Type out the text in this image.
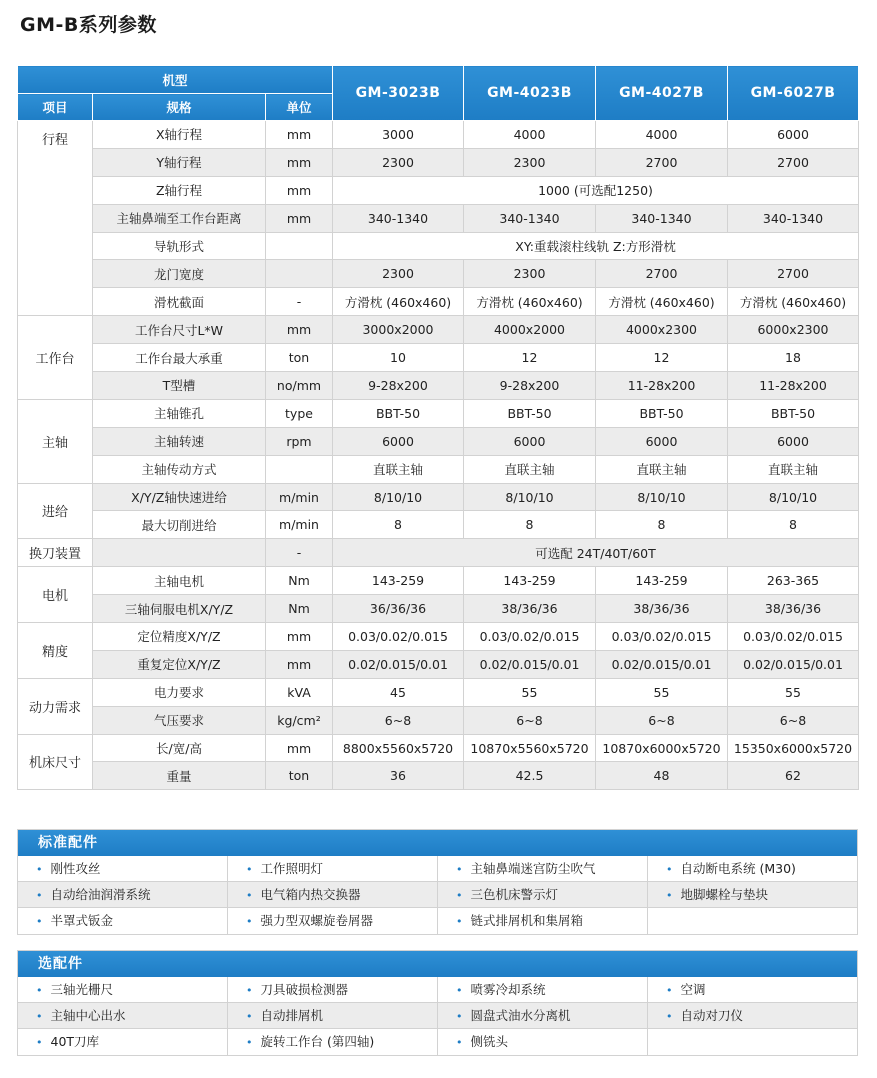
GM-B系列参数
机型			GM-3023B	GM-4023B	GM-4027B	GM-6027B
项目	规格	单位				
行程	X轴行程	mm	3000	4000	4000	6000
	Y轴行程	mm	2300	2300	2700	2700
	Z轴行程	mm	1000 (可选配1250)			
	主轴鼻端至工作台距离	mm	340-1340	340-1340	340-1340	340-1340
	导轨形式		XY:重载滚柱线轨 Z:方形滑枕			
	龙门宽度		2300	2300	2700	2700
	滑枕截面	-	方滑枕 (460x460)	方滑枕 (460x460)	方滑枕 (460x460)	方滑枕 (460x460)
工作台	工作台尺寸L*W	mm	3000x2000	4000x2000	4000x2300	6000x2300
	工作台最大承重	ton	10	12	12	18
	T型槽	no/mm	9-28x200	9-28x200	11-28x200	11-28x200
主轴	主轴锥孔	type	BBT-50	BBT-50	BBT-50	BBT-50
	主轴转速	rpm	6000	6000	6000	6000
	主轴传动方式		直联主轴	直联主轴	直联主轴	直联主轴
进给	X/Y/Z轴快速进给	m/min	8/10/10	8/10/10	8/10/10	8/10/10
	最大切削进给	m/min	8	8	8	8
换刀装置		-	可选配 24T/40T/60T			
电机	主轴电机	Nm	143-259	143-259	143-259	263-365
	三轴伺服电机X/Y/Z	Nm	36/36/36	38/36/36	38/36/36	38/36/36
精度	定位精度X/Y/Z	mm	0.03/0.02/0.015	0.03/0.02/0.015	0.03/0.02/0.015	0.03/0.02/0.015
	重复定位X/Y/Z	mm	0.02/0.015/0.01	0.02/0.015/0.01	0.02/0.015/0.01	0.02/0.015/0.01
动力需求	电力要求	kVA	45	55	55	55
	气压要求	kg/cm²	6~8	6~8	6~8	6~8
机床尺寸	长/宽/高	mm	8800x5560x5720	10870x5560x5720	10870x6000x5720	15350x6000x5720
	重量	ton	36	42.5	48	62
标准配件
• 刚性攻丝	• 工作照明灯	• 主轴鼻端迷宫防尘吹气	• 自动断电系统 (M30)
• 自动给油润滑系统	• 电气箱内热交换器	• 三色机床警示灯	• 地脚螺栓与垫块
• 半罩式钣金	• 强力型双螺旋卷屑器	• 链式排屑机和集屑箱
选配件
• 三轴光栅尺	• 刀具破损检测器	• 喷雾冷却系统	• 空调
• 主轴中心出水	• 自动排屑机	• 圆盘式油水分离机	• 自动对刀仪
• 40T刀库	• 旋转工作台 (第四轴)	• 侧铣头
